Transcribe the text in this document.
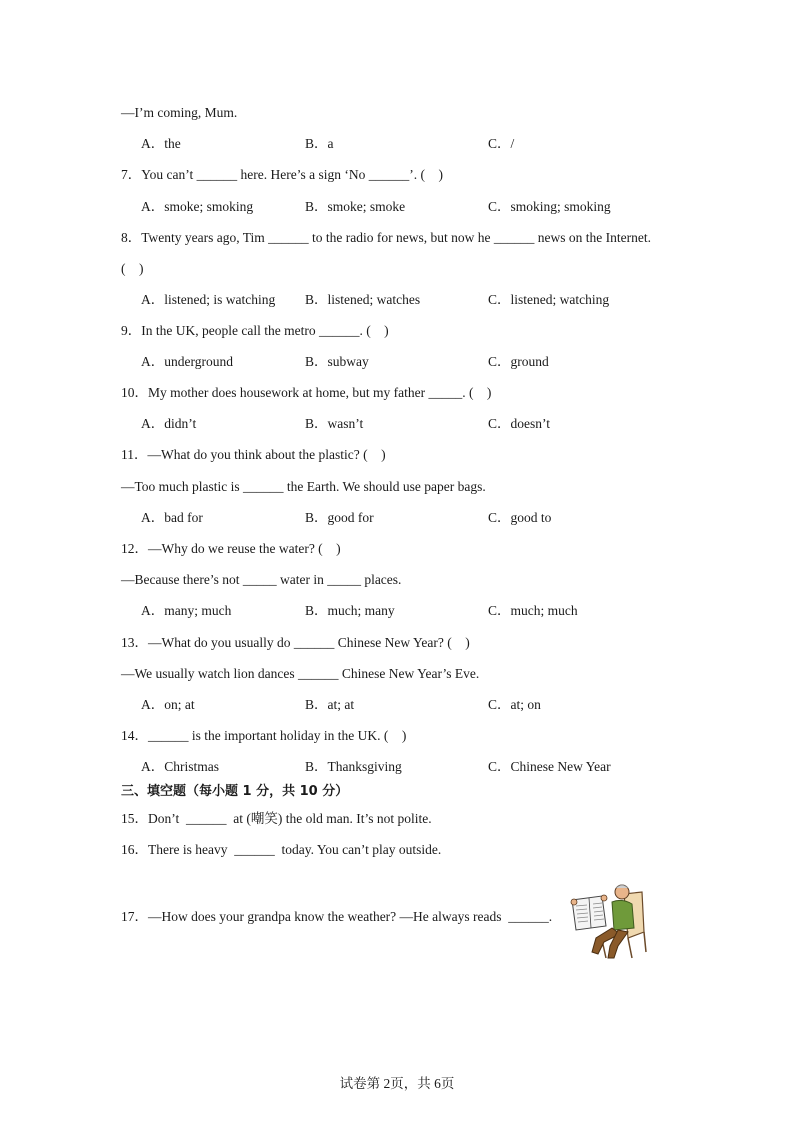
—I’m coming, Mum.
A．the	B．a	C．/
7．You can’t ______ here. Here’s a sign ‘No ______’. (    )
A．smoke; smoking	B．smoke; smoke	C．smoking; smoking
8．Twenty years ago, Tim ______ to the radio for news, but now he ______ news on the Internet.
(    )
A．listened; is watching B．listened; watches	C．listened; watching
9．In the UK, people call the metro ______. (    )
A．underground	B．subway	C．ground
10．My mother does housework at home, but my father _____. (    )
A．didn’t	B．wasn’t	C．doesn’t
11．—What do you think about the plastic? (    )
—Too much plastic is ______ the Earth. We should use paper bags.
A．bad for	B．good for	C．good to
12．—Why do we reuse the water? (    )
—Because there’s not _____ water in _____ places.
A．many; much	B．much; many	C．much; much
13．—What do you usually do ______ Chinese New Year? (    )
—We usually watch lion dances ______ Chinese New Year’s Eve.
A．on; at	B．at; at	C．at; on
14．______ is the important holiday in the UK. (    )
A．Christmas	B．Thanksgiving	C．Chinese New Year
三、填空题（每小题 1 分，共 10 分）
15．Don’t  ______  at (嘲笑) the old man. It’s not polite.
16．There is heavy  ______  today. You can’t play outside.
17．—How does your grandpa know the weather? —He always reads  ______.
试卷第 2页，共 6页
